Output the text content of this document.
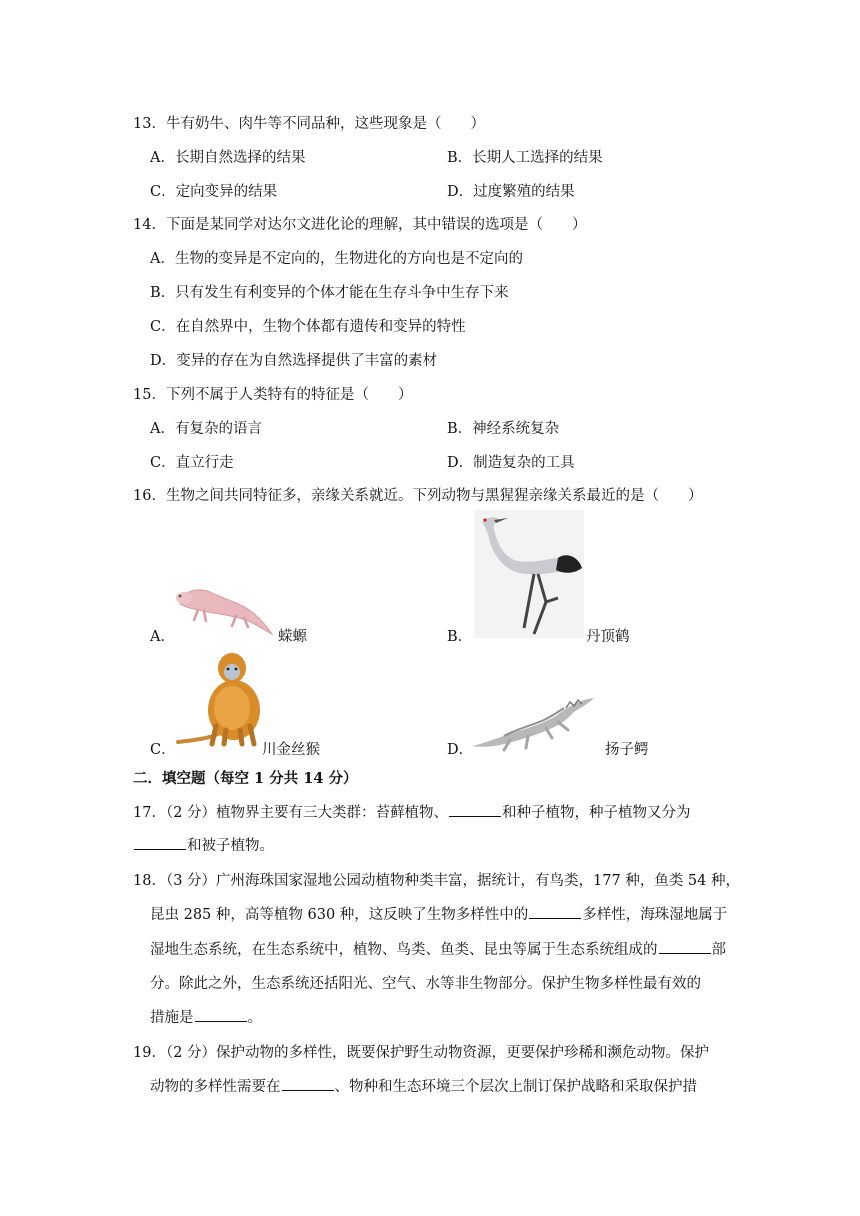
13．牛有奶牛、肉牛等不同品种，这些现象是（　　）
A．长期自然选择的结果	B．长期人工选择的结果
C．定向变异的结果	D．过度繁殖的结果
14．下面是某同学对达尔文进化论的理解，其中错误的选项是（　　）
A．生物的变异是不定向的，生物进化的方向也是不定向的
B．只有发生有利变异的个体才能在生存斗争中生存下来
C．在自然界中，生物个体都有遗传和变异的特性
D．变异的存在为自然选择提供了丰富的素材
15．下列不属于人类特有的特征是（　　）
A．有复杂的语言	B．神经系统复杂
C．直立行走	D．制造复杂的工具
16．生物之间共同特征多，亲缘关系就近。下列动物与黑猩猩亲缘关系最近的是（　　）
A．	蝾螈	B．	丹顶鹤
C．	川金丝猴	D．	扬子鳄
二．填空题（每空 1 分共 14 分）
17．（2 分）植物界主要有三大类群：苔藓植物、	和种子植物，种子植物又分为
和被子植物。
18．（3 分）广州海珠国家湿地公园动植物种类丰富，据统计，有鸟类，177 种，鱼类 54 种，
昆虫 285 种，高等植物 630 种，这反映了生物多样性中的	多样性，海珠湿地属于
湿地生态系统，在生态系统中，植物、鸟类、鱼类、昆虫等属于生态系统组成的	部
分。除此之外，生态系统还括阳光、空气、水等非生物部分。保护生物多样性最有效的
措施是	。
19．（2 分）保护动物的多样性，既要保护野生动物资源，更要保护珍稀和濒危动物。保护
动物的多样性需要在	、物种和生态环境三个层次上制订保护战略和采取保护措
